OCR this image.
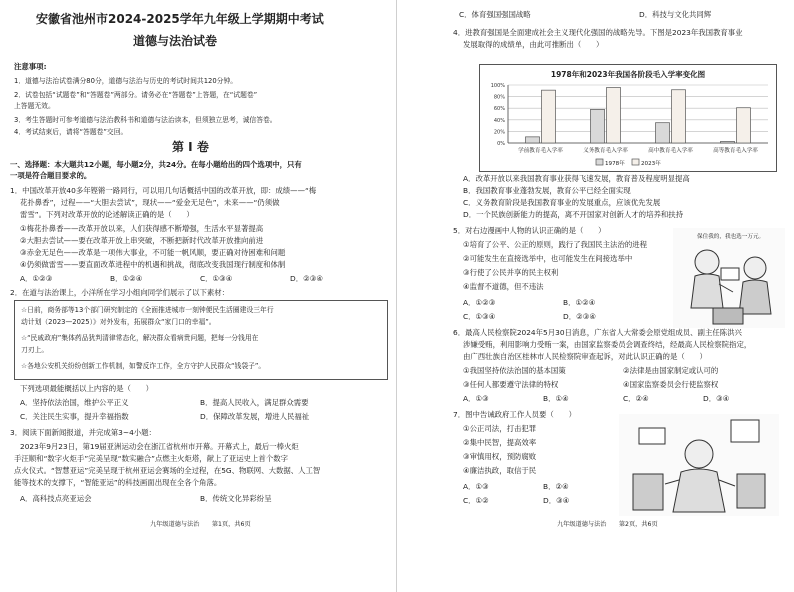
安徽省池州市2024-2025学年九年级上学期期中考试
道德与法治试卷
注意事项:
1．道德与法治试卷满分80分，道德与法治与历史的考试时间共120分钟。
2．试卷包括“试题卷”和“答题卷”两部分。请务必在“答题卷”上答题，在“试题卷”
上答题无效。
3．考生答题时可参考道德与法治教科书和道德与法治读本，但须独立思考，诚信答卷。
4．考试结束后，请将“答题卷”交回。
第 Ⅰ 卷
一、选择题：本大题共12小题，每小题2分，共24分。在每小题给出的四个选项中，只有
一项是符合题目要求的。
1．中国改革开放40多年铿锵一路同行，可以用几句话概括中国的改革开放，即：成绩——“梅
花扑鼻香”，过程——“大胆去尝试”，现状——“爱金无足色”，未来——“仍须做
雷雪”。下列对改革开放的论述解读正确的是（　　）
①梅花扑鼻香——改革开放以来，人们获得感不断增强，生活水平显著提高
②大胆去尝试——要在改革开放上串突破，不断把新时代改革开放推向前进
③赤金无足色——改革是一项伟大事业，不可能一帆风顺，要正确对待困难和问题
④仍须做雷雪——要直面改革进程中的机遇和挑战，彻底改变我国现行制度和体制
A．①②③	B．①②④	C．①③④	D．②③④
2．在道与法治课上，小洋所在学习小组向同学们展示了以下素材：
☆日前，商务部等13个部门研究制定的《全面推进城市一刻钟便民生活圈建设三年行
动计划（2023—2025）》对外发布，拓展群众“家门口的幸福”。
☆“民戚政府”集体药品犹判清律常态化，解决群众看病贵问题，把每一分钱用在
刀刃上。
☆各地公安机关纷纷创新工作机制，如警反诈工作，全方守护人民群众“钱袋子”。
下列选项最能概括以上内容的是（　　）
A．坚持依法治国，维护公平正义	B．提高人民收入，满足群众需要
C．关注民生实事，提升幸福指数	D．保障改革发展，增进人民福祉
3．阅读下面新闻报道，并完成第3~4小题：
2023年9月23日，第19届亚洲运动会在浙江省杭州市开幕。开幕式上，最后一棒火炬
手汪顺和“数字火炬手”完美呈现“数实融合”点燃主火炬塔，献上了亚运史上首个数字
点火仪式。“智慧亚运”完美呈现于杭州亚运会赛场的全过程，在5G、物联网、大数据、人工智
能等技术的支撑下，“智能亚运”的科技画面出现在全各个角落。
A．高科技点亮亚运会	B．传统文化异彩纷呈
九年级道德与法治　　第1页，共6页
C．体育强国强国战略	D．科技与文化共同辉
4．进教育强国是全面建成社会主义现代化强国的战略先导。下图是2023年我国教育事业
发展取得的成绩单，由此可推断出（　　）
1978年和2023年我国各阶段毛入学率变化图
0%
20%
40%
60%
80%
100%
学前教育毛入学率	义务教育毛入学率	高中教育毛入学率	高等教育毛入学率
1978年	2023年
A．改革开放以来我国教育事业获得飞速发展，教育普及程度明显提高
B．我国教育事业蓬勃发展，教育公平已经全面实现
C．义务教育阶段是我国教育事业的发展重点，应该优先发展
D．一个民族创新能力的提高，离不开国家对创新人才的培养和扶持
5．对右边漫画中人物的认识正确的是（　　）
①培育了公平、公正的原则，践行了我国民主法治的进程
②可能发生在直接选举中，也可能发生在间接选举中
③行使了公民并享的民主权利
④监督不道德，但不违法
A．①②③	B．①②④
C．①③④	D．②③④
保住我的，我也选一万元。
6．最高人民检察院2024年5月30日消息，广东省人大常委会原党组成员、副主任陈洪兴
涉嫌受贿，利用影响力受贿一案，由国家监察委员会调查终结，经最高人民检察院指定，
由广西壮族自治区桂林市人民检察院审查起诉，对此认识正确的是（　　）
①我国坚持依法治国的基本国策	②法律是由国家制定或认可的
③任何人都要遵守法律的特权	④国家监察委员会行使监察权
A．①③	B．①④	C．②④	D．③④
7．图中告诫政府工作人员要（　　）
①公正司法，打击犯罪
②集中民智，提高效率
③审慎用权，预防腐败
④廉洁执政，取信于民
A．①③	B．②④
C．①②	D．③④
九年级道德与法治　　第2页，共6页
